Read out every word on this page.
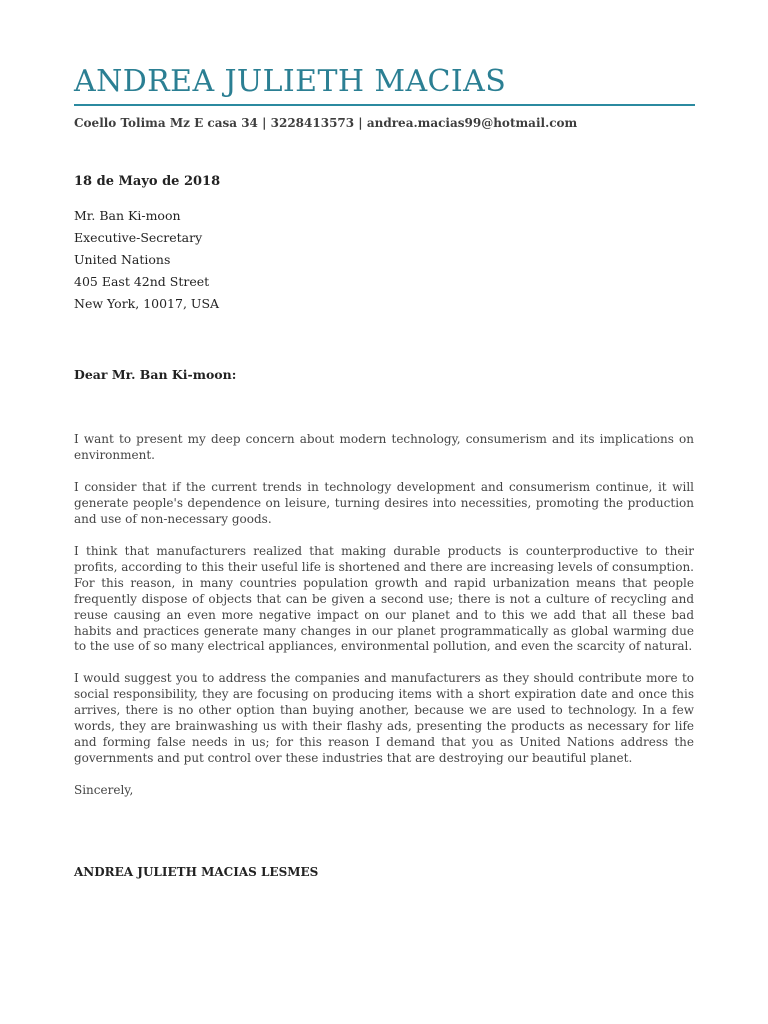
ANDREA JULIETH MACIAS
Coello Tolima Mz E casa 34 | 3228413573 | andrea.macias99@hotmail.com
18 de Mayo de 2018
Mr. Ban Ki-moon
Executive-Secretary
United Nations
405 East 42nd Street
New York, 10017, USA
Dear Mr. Ban Ki-moon:

I want to present my deep concern about modern technology, consumerism and its implications on environment.

I consider that if the current trends in technology development and consumerism continue, it will generate people's dependence on leisure, turning desires into necessities, promoting the production and use of non-necessary goods.

I think that manufacturers realized that making durable products is counterproductive to their profits, according to this their useful life is shortened and there are increasing levels of consumption. For this reason, in many countries population growth and rapid urbanization means that people frequently dispose of objects that can be given a second use; there is not a culture of recycling and reuse causing an even more negative impact on our planet and to this we add that all these bad habits and practices generate many changes in our planet programmatically as global warming due to the use of so many electrical appliances, environmental pollution, and even the scarcity of natural.

I would suggest you to address the companies and manufacturers as they should contribute more to social responsibility, they are focusing on producing items with a short expiration date and once this arrives, there is no other option than buying another, because we are used to technology. In a few words, they are brainwashing us with their flashy ads, presenting the products as necessary for life and forming false needs in us; for this reason I demand that you as United Nations address the governments and put control over these industries that are destroying our beautiful planet.

Sincerely,
ANDREA JULIETH MACIAS LESMES
